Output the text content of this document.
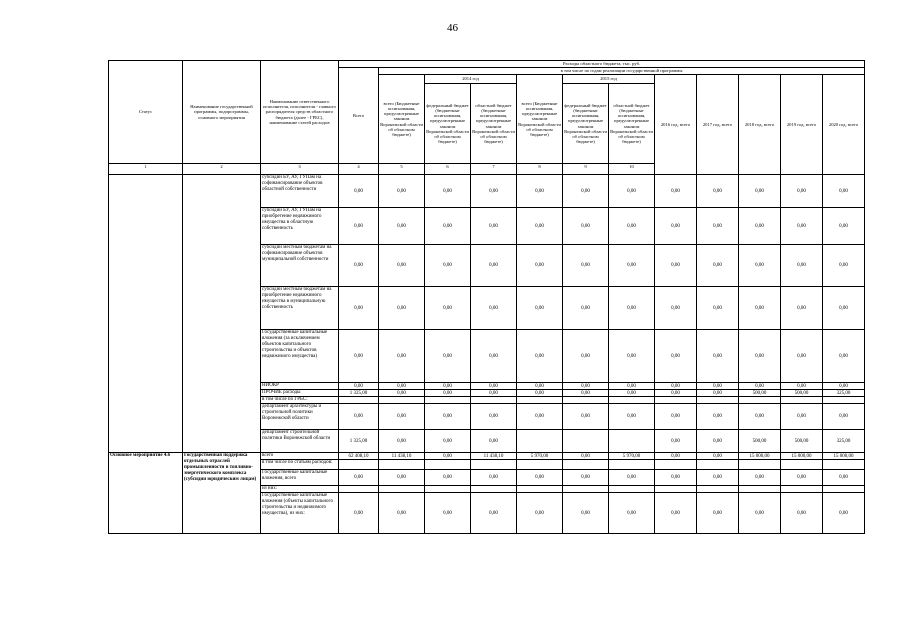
46
Статус	Наименование государственной программы, подпрограммы, основного мероприятия	Наименование ответственного исполнителя, исполнителя - главного распорядителя средств областного бюджета (далее - ГРБС), наименование статей расходов	Расходы областного бюджета, тыс. руб.												
			Всего	в том числе по годам реализации государственной программы											
				всего (Бюджетные ассигнования, предусмотренные законом Воронежской области об областном бюджете)	2014 год		всего (Бюджетные ассигнования, предусмотренные законом Воронежской области об областном бюджете)	2015 год		2016 год, всего	2017 год, всего	2018 год, всего	2019 год, всего	2020 год, всего	
					федеральный бюджет (бюджетные ассигнования, предусмотренные законом Воронежской области об областном бюджете)	областной бюджет (бюджетные ассигнования, предусмотренные законом Воронежской области об областном бюджете)		федеральный бюджет (бюджетные ассигнования, предусмотренные законом Воронежской области об областном бюджете)	областной бюджет (бюджетные ассигнования, предусмотренные законом Воронежской области об областном бюджете)						
1	2	3	4	5	6	7	8	9	10					
		субсидии БУ, АУ, ГУПам на софинансирование объектов областной собственности	0,00	0,00	0,00	0,00	0,00	0,00	0,00	0,00	0,00	0,00	0,00	0,00	
		субсидии БУ, АУ, ГУПам на приобретение недвижимого имущества в областную собственность	0,00	0,00	0,00	0,00	0,00	0,00	0,00	0,00	0,00	0,00	0,00	0,00	
		субсидии местным бюджетам на софинансирование объектов муниципальной собственности	0,00	0,00	0,00	0,00	0,00	0,00	0,00	0,00	0,00	0,00	0,00	0,00	
		субсидии местным бюджетам на приобретение недвижимого имущества в муниципальную собственность	0,00	0,00	0,00	0,00	0,00	0,00	0,00	0,00	0,00	0,00	0,00	0,00	
		Государственные капитальные вложения (за исключением объектов капитального строительства и объектов недвижимого имущества)	0,00	0,00	0,00	0,00	0,00	0,00	0,00	0,00	0,00	0,00	0,00	0,00	
		НИОКР	0,00	0,00	0,00	0,00	0,00	0,00	0,00	0,00	0,00	0,00	0,00	0,00	
		ПРОЧИЕ расходы	1 325,00	0,00	0,00	0,00	0,00	0,00	0,00	0,00	0,00	500,00	500,00	325,00	
		в том числе по ГРБС:													
		департамент архитектуры и строительной политики Воронежской области	0,00	0,00	0,00	0,00	0,00	0,00	0,00	0,00	0,00	0,00	0,00	0,00	
		департамент строительной политики Воронежской области	1 325,00	0,00	0,00	0,00				0,00	0,00	500,00	500,00	325,00	
Основное мероприятие 4.6	Государственная поддержка отдельных отраслей промышленности в топливно-энергетического комплекса (субсидии юридическим лицам)	всего	62 408,10	11 438,10	0,00	11 438,10	5 970,00	0,00	5 970,00	0,00	0,00	15 000,00	15 000,00	15 000,00	
		в том числе по статьям расходов:													
		Государственные капитальные вложения, всего	0,00	0,00	0,00	0,00	0,00	0,00	0,00	0,00	0,00	0,00	0,00	0,00	
		из них:													
		Государственные капитальные вложения (объекты капитального строительства и недвижимого имущества), из них:	0,00	0,00	0,00	0,00	0,00	0,00	0,00	0,00	0,00	0,00	0,00	0,00	
